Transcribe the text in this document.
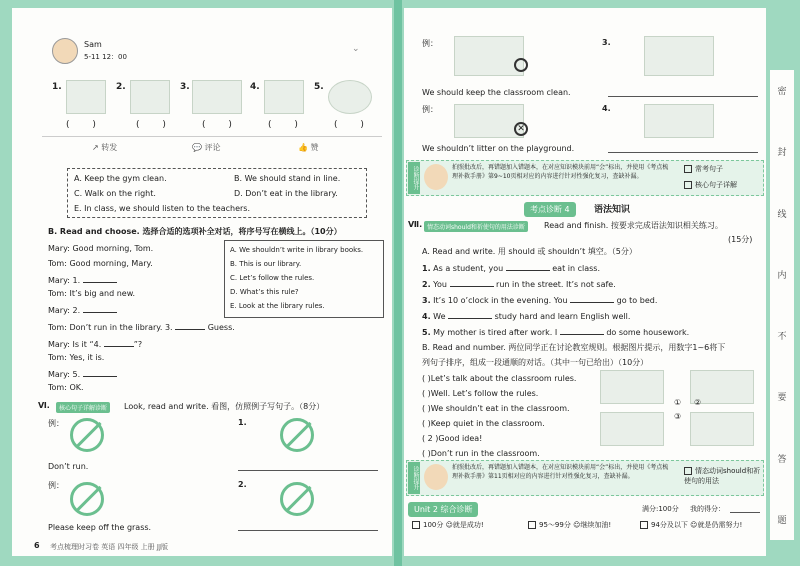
Sam
5-11 12：00
⌄
1.	2.	3.	4.	5.
( )	( )	( )	( )	( )
↗ 转发	💬 评论	👍 赞
A. Keep the gym clean.	B. We should stand in line.
C. Walk on the right.	D. Don’t eat in the library.
E. In class, we should listen to the teachers.
B. Read and choose. 选择合适的选项补全对话，将序号写在横线上。（10分）
Mary: Good morning, Tom.
Tom: Good morning, Mary.
Mary: 1.
Tom: It’s big and new.
Mary: 2.
Tom: Don’t run in the library. 3.	Guess.
Mary: Is it “4.	”?
Tom: Yes, it is.
Mary: 5.
Tom: OK.
A. We shouldn’t write in library books.
B. This is our library.
C. Let’s follow the rules.
D. What’s this rule?
E. Look at the library rules.
Ⅵ.	核心句子详解诊断	Look, read and write. 看图，仿照例子写句子。（8分）
例：
Don’t run.
1.
例：
Please keep off the grass.
2.
6 考点梳理时习卷 英语 四年级 上册 JJ版
例：	3.
We should keep the classroom clean.
例：
✕
4.
We shouldn’t litter on the playground.
诊断提升	拍照批改后，再错题加入错题本，在对应知识模块前用“会”标出，并使用《考点梳理补救手册》第9~10页相对应的内容进行针对性强化复习，查缺补漏。
常考句子
核心句子详解
考点诊断 4	语法知识
Ⅶ. 情态动词should和祈使句的用法诊断	Read and finish. 按要求完成语法知识相关练习。
(15分)
A. Read and write. 用 should 或 shouldn’t 填空。（5分）
1. As a student, you	eat in class.
2. You	run in the street. It’s not safe.
3. It’s 10 o’clock in the evening. You	go to bed.
4. We	study hard and learn English well.
5. My mother is tired after work. I	do some housework.
B. Read and number. 两位同学正在讨论教室规则。根据图片提示，用数字1~6将下
列句子排序，组成一段通顺的对话。（其中一句已给出）（10分）
( )Let’s talk about the classroom rules.
( )Well. Let’s follow the rules.
( )We shouldn’t eat in the classroom.
( )Keep quiet in the classroom.
( 2 )Good idea!
( )Don’t run in the classroom.
①
③
②
诊断提升	拍照批改后，再错题加入错题本，在对应知识模块前用“会”标出，并使用《考点梳理补救手册》第11页相对应的内容进行针对性强化复习，查缺补漏。
情态动词should和祈使句的用法
Unit 2 综合诊断	满分:100分 我的得分：
100分 ☺就是成功!	95～99分 ☺继续加油!	94分及以下 ☺就是仍需努力!
密
封
线
内
不
要
答
题
